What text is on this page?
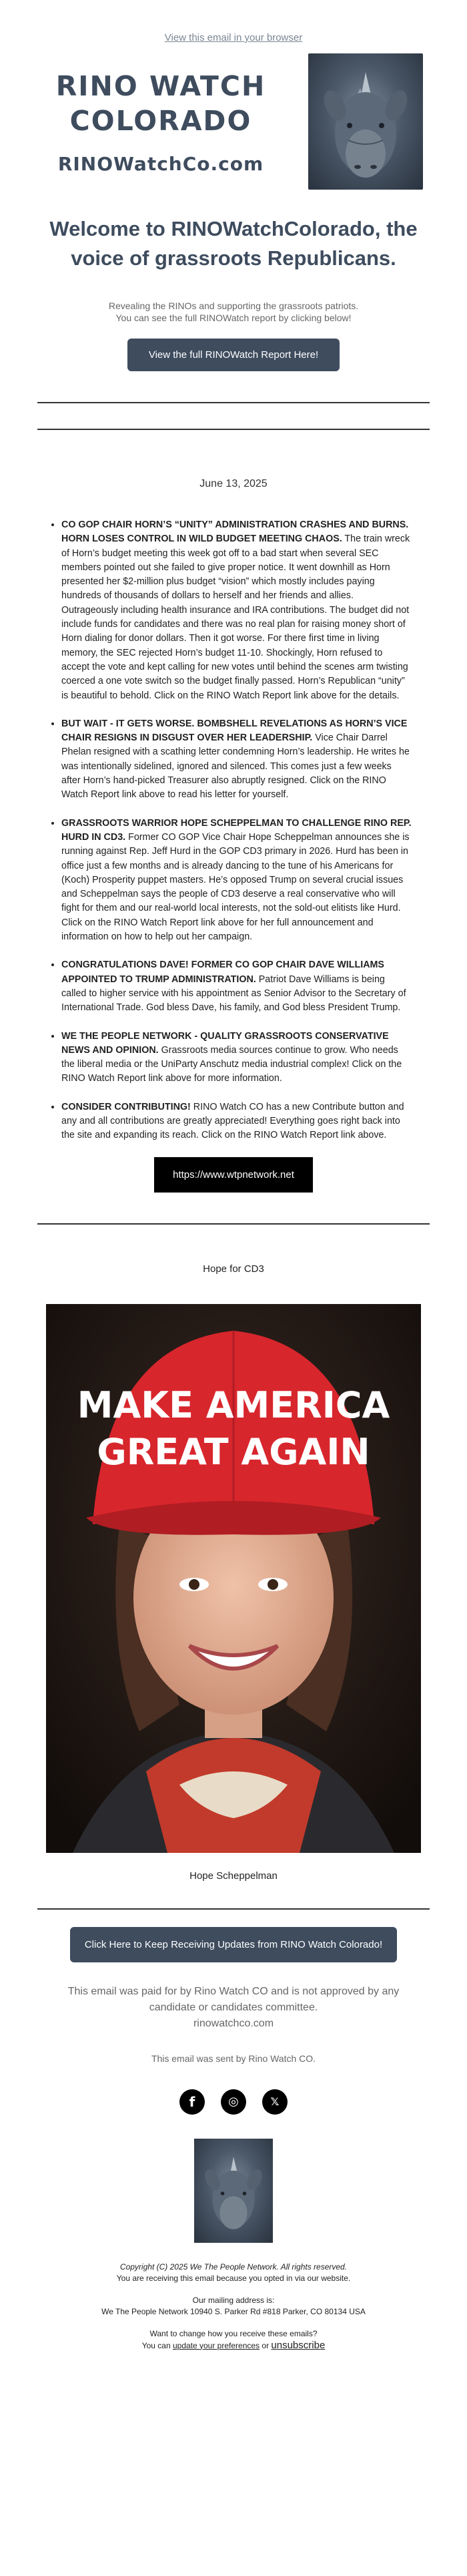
View this email in your browser
RINO WATCH
COLORADO
RINOWatchCo.com
Welcome to RINOWatchColorado, the voice of grassroots Republicans.
Revealing the RINOs and supporting the grassroots patriots.
You can see the full RINOWatch report by clicking below!
View the full RINOWatch Report Here!
June 13, 2025
• CO GOP CHAIR HORN’S “UNITY” ADMINISTRATION CRASHES AND BURNS. HORN LOSES CONTROL IN WILD BUDGET MEETING CHAOS. The train wreck of Horn’s budget meeting this week got off to a bad start when several SEC members pointed out she failed to give proper notice. It went downhill as Horn presented her $2-million plus budget “vision” which mostly includes paying hundreds of thousands of dollars to herself and her friends and allies. Outrageously including health insurance and IRA contributions. The budget did not include funds for candidates and there was no real plan for raising money short of Horn dialing for donor dollars. Then it got worse. For there first time in living memory, the SEC rejected Horn’s budget 11-10. Shockingly, Horn refused to accept the vote and kept calling for new votes until behind the scenes arm twisting coerced a one vote switch so the budget finally passed. Horn’s Republican “unity” is beautiful to behold. Click on the RINO Watch Report link above for the details.
• BUT WAIT - IT GETS WORSE. BOMBSHELL REVELATIONS AS HORN’S VICE CHAIR RESIGNS IN DISGUST OVER HER LEADERSHIP. Vice Chair Darrel Phelan resigned with a scathing letter condemning Horn’s leadership. He writes he was intentionally sidelined, ignored and silenced. This comes just a few weeks after Horn’s hand-picked Treasurer also abruptly resigned. Click on the RINO Watch Report link above to read his letter for yourself.
• GRASSROOTS WARRIOR HOPE SCHEPPELMAN TO CHALLENGE RINO REP. HURD IN CD3. Former CO GOP Vice Chair Hope Scheppelman announces she is running against Rep. Jeff Hurd in the GOP CD3 primary in 2026. Hurd has been in office just a few months and is already dancing to the tune of his Americans for (Koch) Prosperity puppet masters. He’s opposed Trump on several crucial issues and Scheppelman says the people of CD3 deserve a real conservative who will fight for them and our real-world local interests, not the sold-out elitists like Hurd. Click on the RINO Watch Report link above for her full announcement and information on how to help out her campaign.
• CONGRATULATIONS DAVE! FORMER CO GOP CHAIR DAVE WILLIAMS APPOINTED TO TRUMP ADMINISTRATION. Patriot Dave Williams is being called to higher service with his appointment as Senior Advisor to the Secretary of International Trade. God bless Dave, his family, and God bless President Trump.
• WE THE PEOPLE NETWORK - QUALITY GRASSROOTS CONSERVATIVE NEWS AND OPINION. Grassroots media sources continue to grow. Who needs the liberal media or the UniParty Anschutz media industrial complex! Click on the RINO Watch Report link above for more information.
• CONSIDER CONTRIBUTING! RINO Watch CO has a new Contribute button and any and all contributions are greatly appreciated! Everything goes right back into the site and expanding its reach. Click on the RINO Watch Report link above.
https://www.wtpnetwork.net
Hope for CD3
MAKE AMERICA
GREAT AGAIN
Hope Scheppelman
Click Here to Keep Receiving Updates from RINO Watch Colorado!
This email was paid for by Rino Watch CO and is not approved by any
candidate or candidates committee.
rinowatchco.com
This email was sent by Rino Watch CO.
f	◎	𝕏
Copyright (C) 2025 We The People Network. All rights reserved.
You are receiving this email because you opted in via our website.
Our mailing address is:
We The People Network 10940 S. Parker Rd #818 Parker, CO 80134 USA
Want to change how you receive these emails?
You can update your preferences or unsubscribe
